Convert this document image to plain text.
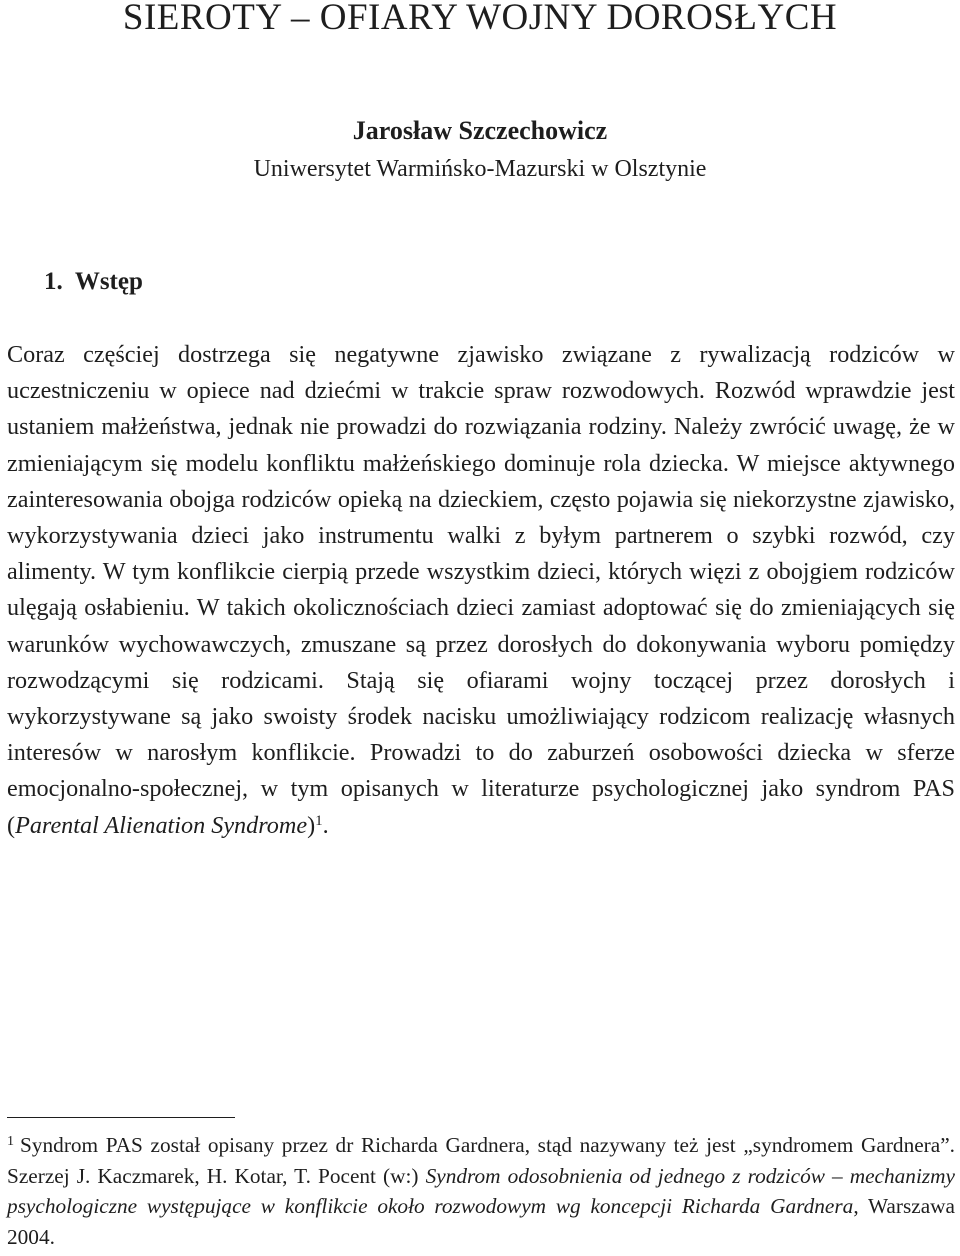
SIEROTY – OFIARY WOJNY DOROSŁYCH
Jarosław Szczechowicz
Uniwersytet Warmińsko-Mazurski w Olsztynie
1. Wstęp

Coraz częściej dostrzega się negatywne zjawisko związane z rywalizacją rodziców w uczestniczeniu w opiece nad dziećmi w trakcie spraw rozwodowych. Rozwód wprawdzie jest ustaniem małżeństwa, jednak nie prowadzi do rozwiązania rodziny. Należy zwrócić uwagę, że w zmieniającym się modelu konfliktu małżeńskiego dominuje rola dziecka. W miejsce aktywnego zainteresowania obojga rodziców opieką na dzieckiem, często pojawia się niekorzystne zjawisko, wykorzystywania dzieci jako instrumentu walki z byłym partnerem o szybki rozwód, czy alimenty. W tym konflikcie cierpią przede wszystkim dzieci, których więzi z obojgiem rodziców ulęgają osłabieniu. W takich okolicznościach dzieci zamiast adoptować się do zmieniających się warunków wychowawczych, zmuszane są przez dorosłych do dokonywania wyboru pomiędzy rozwodzącymi się rodzicami. Stają się ofiarami wojny toczącej przez dorosłych i wykorzystywane są jako swoisty środek nacisku umożliwiający rodzicom realizację własnych interesów w narosłym konflikcie. Prowadzi to do zaburzeń osobowości dziecka w sferze emocjonalno-społecznej, w tym opisanych w literaturze psychologicznej jako syndrom PAS (Parental Alienation Syndrome)$^1$.

$^1$ Syndrom PAS został opisany przez dr Richarda Gardnera, stąd nazywany też jest „syndromem Gardnera”. Szerzej J. Kaczmarek, H. Kotar, T. Pocent (w:) Syndrom odosobnienia od jednego z rodziców – mechanizmy psychologiczne występujące w konflikcie około rozwodowym wg koncepcji Richarda Gardnera, Warszawa 2004.
